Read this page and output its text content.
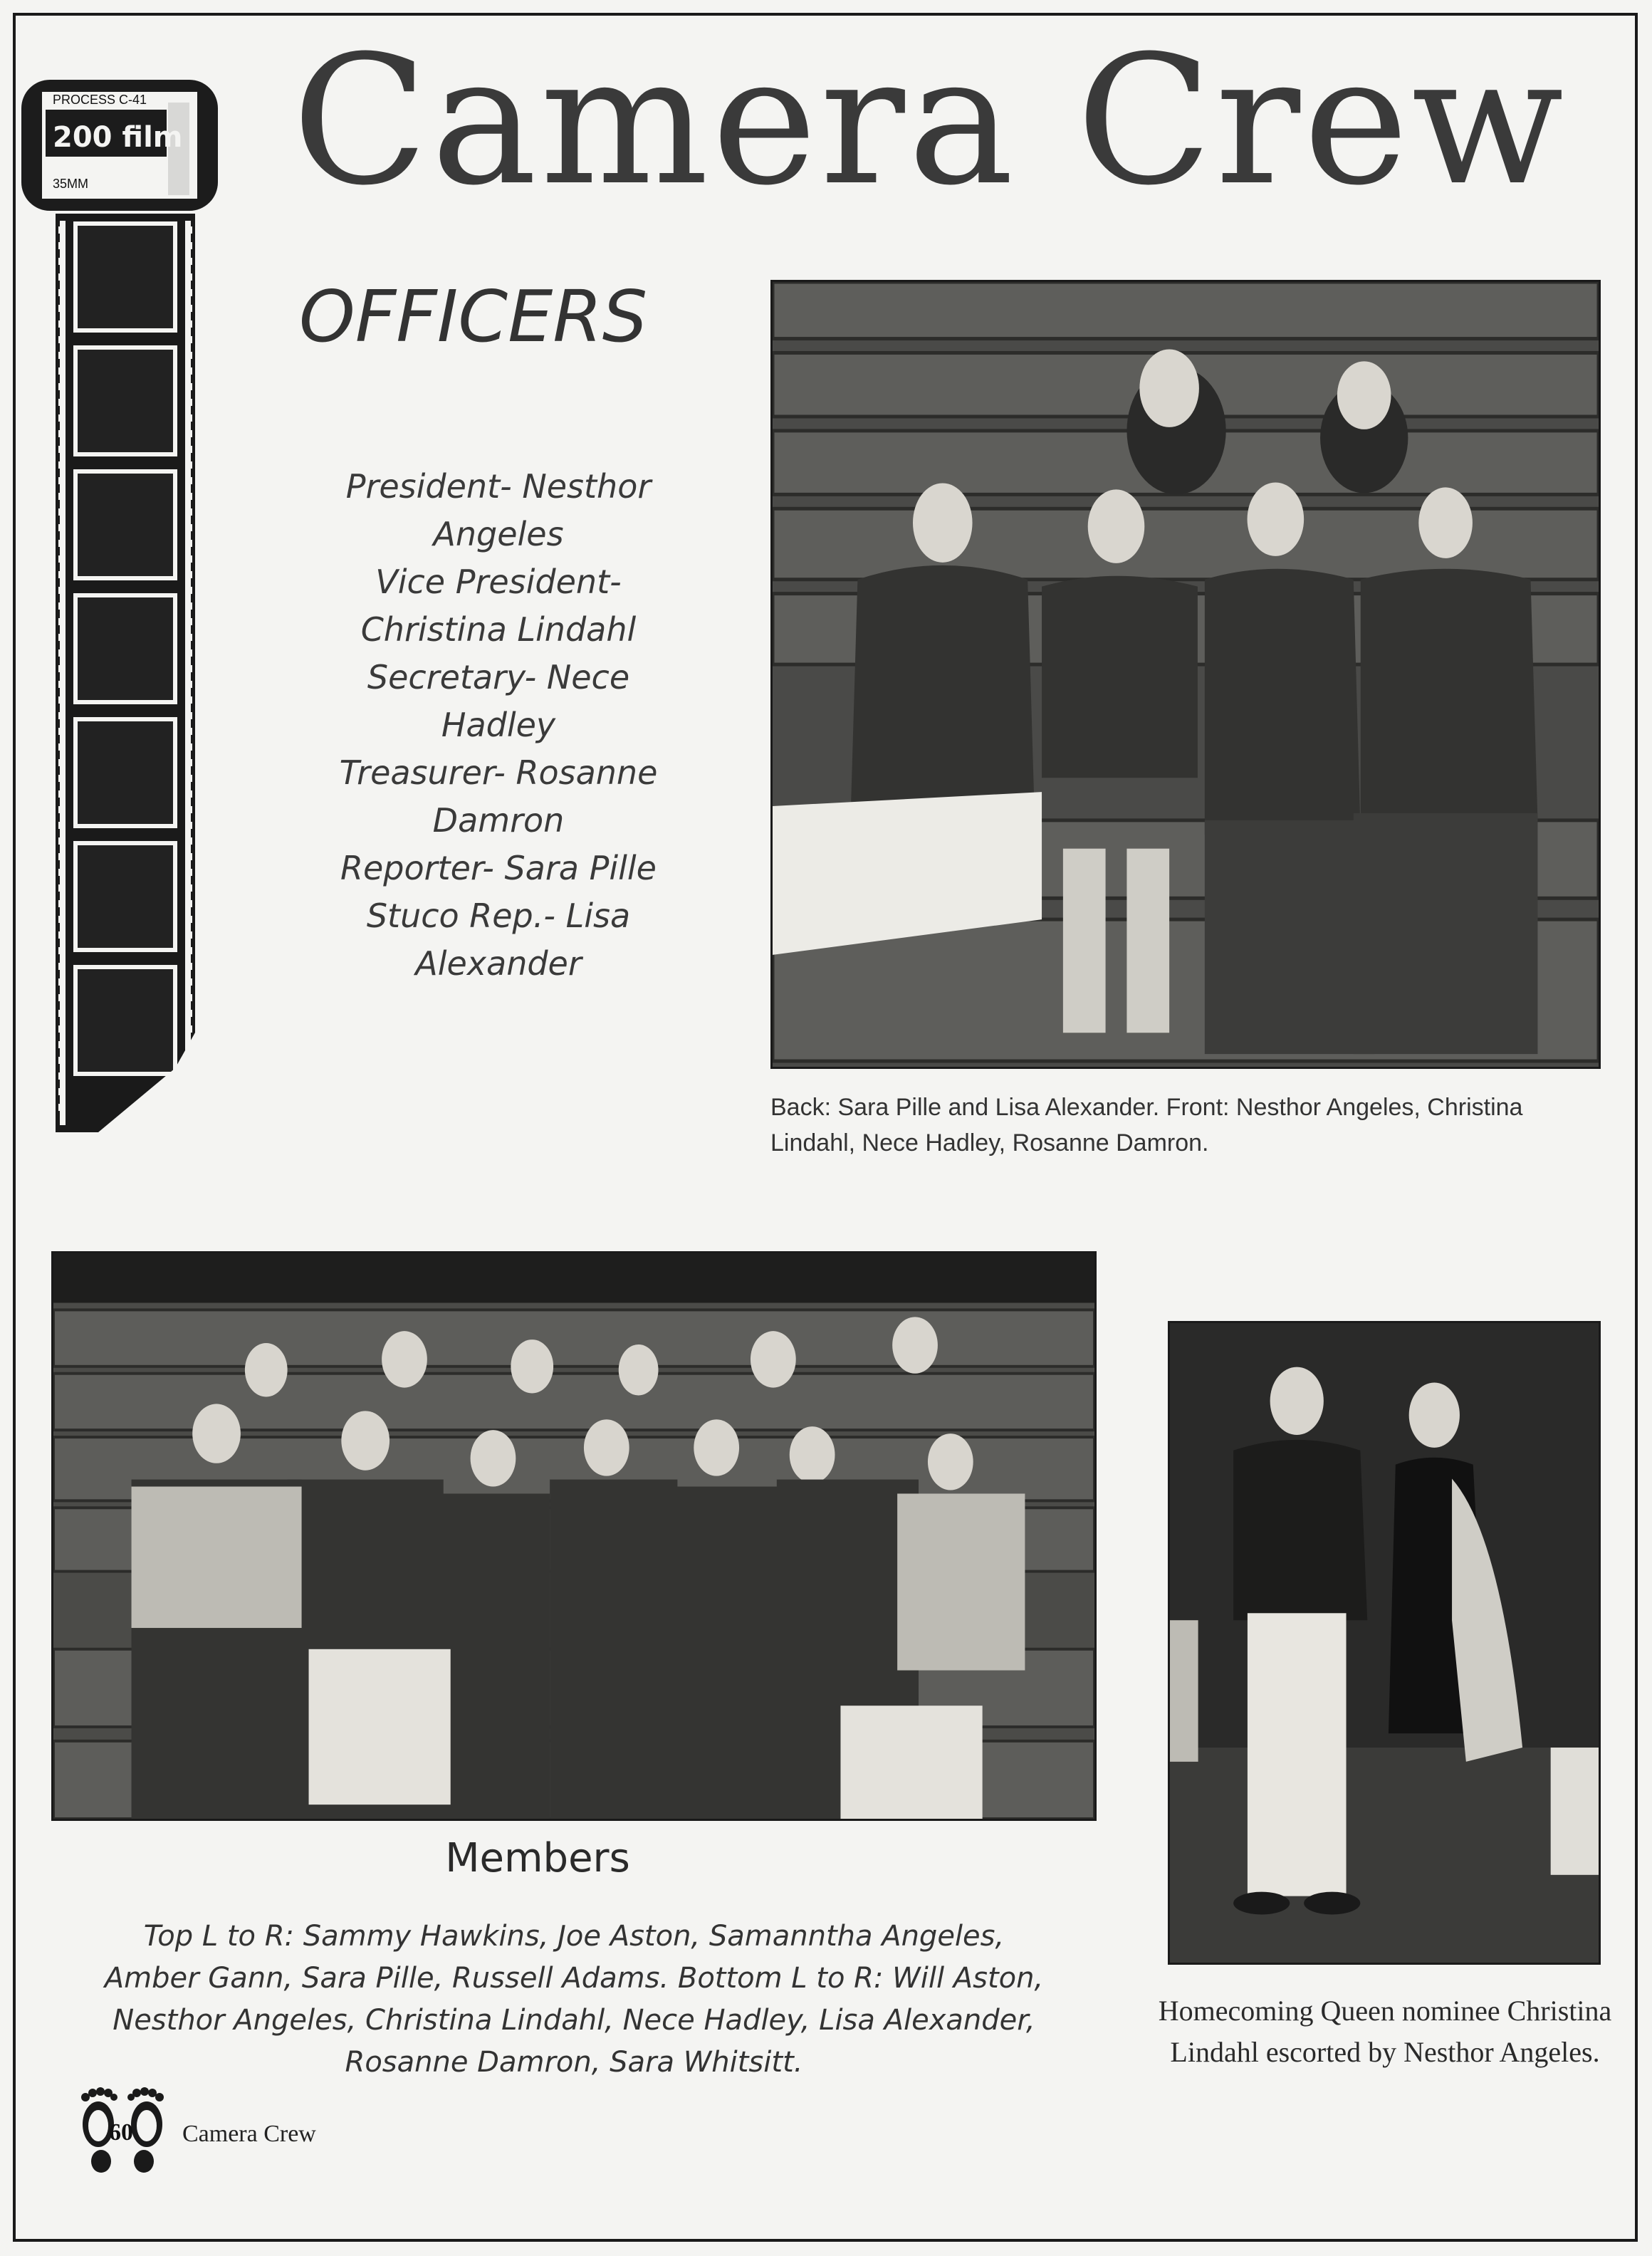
PROCESS C-41
200 film
35MM Camera Crew
OFFICERS
President- Nesthor
Angeles
Vice President-
Christina Lindahl
Secretary- Nece
Hadley
Treasurer- Rosanne
Damron
Reporter- Sara Pille
Stuco Rep.- Lisa
Alexander
Back: Sara Pille and Lisa Alexander. Front: Nesthor Angeles, Christina Lindahl, Nece Hadley, Rosanne Damron.
Members
Top L to R: Sammy Hawkins, Joe Aston, Samanntha Angeles,
Amber Gann, Sara Pille, Russell Adams. Bottom L to R: Will Aston,
Nesthor Angeles, Christina Lindahl, Nece Hadley, Lisa Alexander,
Rosanne Damron, Sara Whitsitt.
Homecoming Queen nominee Christina Lindahl escorted by Nesthor Angeles.
60	Camera Crew
